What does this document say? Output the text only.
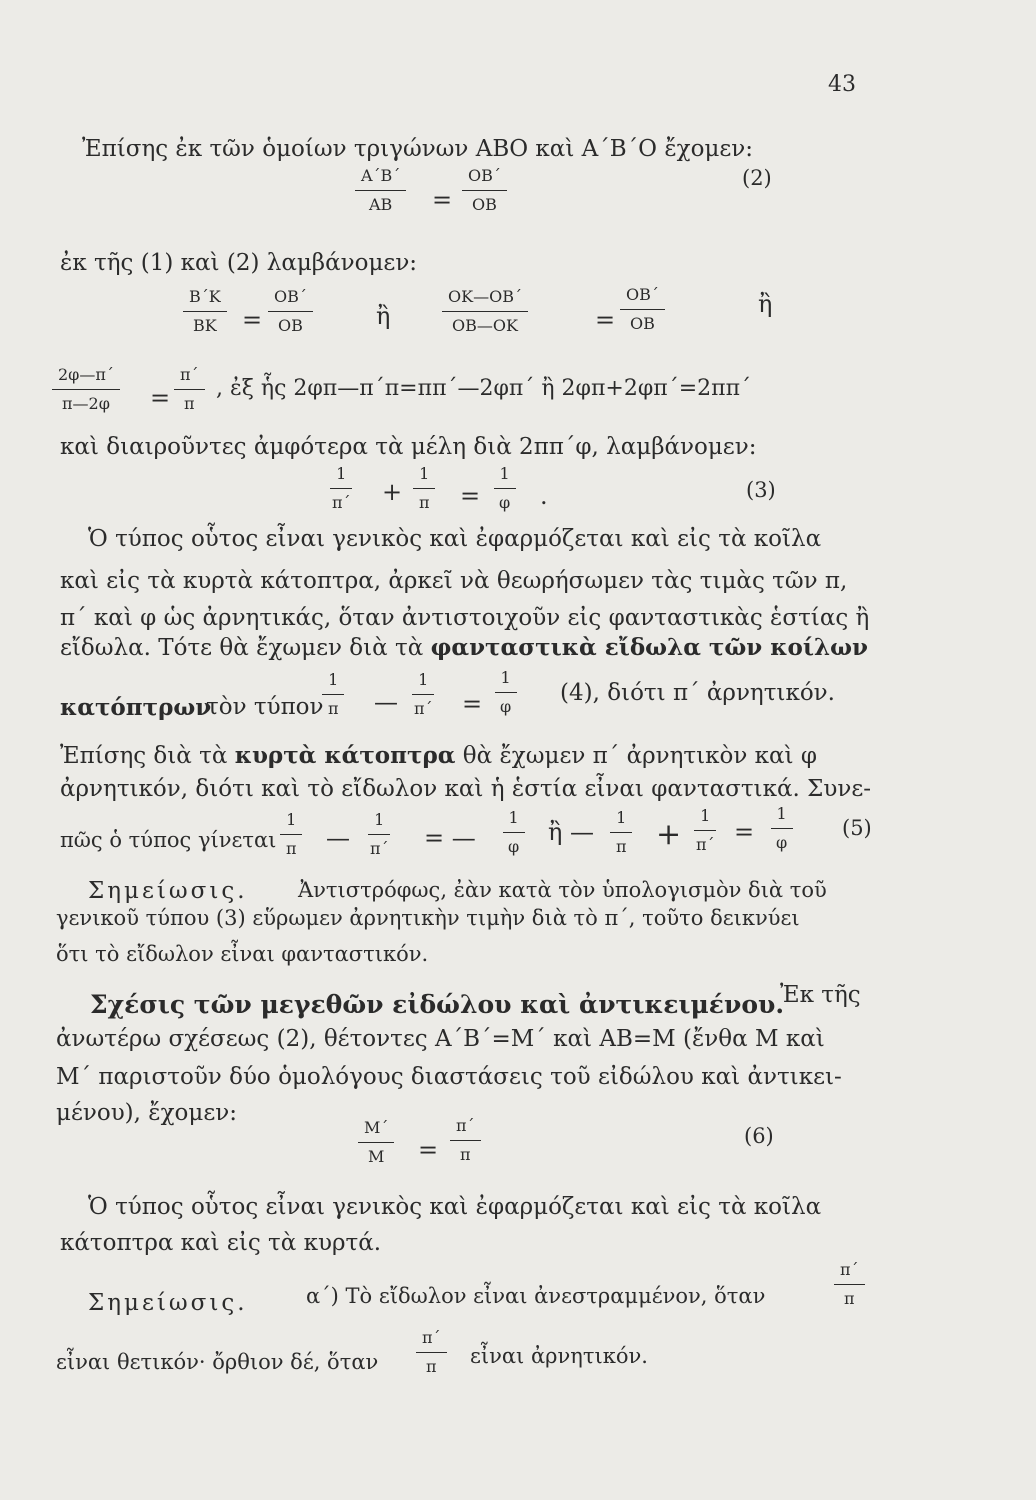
43
Ἐπίσης ἐκ τῶν ὁμοίων τριγώνων ΑΒΟ καὶ Α΄Β΄Ο ἔχομεν:
$\frac{A΄B΄}{AB} = \frac{OB΄}{OB}$	(2)
ἐκ τῆς (1) καὶ (2) λαμβάνομεν:
$\frac{B΄K}{BK} = \frac{OB΄}{OB}$	ἢ	$\frac{OK—OB΄}{OB—OK}$	= $\frac{OB΄}{OB}$	ἢ
$\frac{2\varphi—\pi΄}{\pi—2\varphi} = \frac{\pi΄}{\pi}$ , ἐξ ἧς 2φπ—π΄π=ππ΄—2φπ΄ ἢ 2φπ+2φπ΄=2ππ΄
καὶ διαιροῦντες ἀμφότερα τὰ μέλη διὰ 2ππ΄φ, λαμβάνομεν:
$\frac{1}{\pi΄} + \frac{1}{\pi} = \frac{1}{\varphi}$ .	(3)
Ὁ τύπος οὗτος εἶναι γενικὸς καὶ ἐφαρμόζεται καὶ εἰς τὰ κοῖλα
καὶ εἰς τὰ κυρτὰ κάτοπτρα, ἀρκεῖ νὰ θεωρήσωμεν τὰς τιμὰς τῶν π,
π΄ καὶ φ ὡς ἀρνητικάς, ὅταν ἀντιστοιχοῦν εἰς φανταστικὰς ἑστίας ἢ
εἴδωλα. Τότε θὰ ἔχωμεν διὰ τὰ φανταστικὰ εἴδωλα τῶν κοίλων
κατόπτρων
τὸν τύπον
$\frac{1}{\pi}$ — $\frac{1}{\pi΄} = \frac{1}{\varphi} (4)$, διότι π΄ ἀρνητικόν.
Ἐπίσης διὰ τὰ κυρτὰ κάτοπτρα θὰ ἔχωμεν π΄ ἀρνητικὸν καὶ φ
ἀρνητικόν, διότι καὶ τὸ εἴδωλον καὶ ἡ ἑστία εἶναι φανταστικά. Συνε-
πῶς ὁ τύπος γίνεται $\frac{1}{\pi}$ — $\frac{1}{\pi΄}$ = — $\frac{1}{\varphi}$ ἢ — $\frac{1}{\pi} + \frac{1}{\pi΄} = \frac{1}{\varphi} (5)$
Σημείωσις. Ἀντιστρόφως, ἐὰν κατὰ τὸν ὑπολογισμὸν διὰ τοῦ
γενικοῦ τύπου (3) εὕρωμεν ἀρνητικὴν τιμὴν διὰ τὸ π΄, τοῦτο δεικνύει
ὅτι τὸ εἴδωλον εἶναι φανταστικόν.
Σχέσις τῶν μεγεθῶν εἰδώλου καὶ ἀντικειμένου.
Ἐκ τῆς
ἀνωτέρω σχέσεως (2), θέτοντες Α΄Β΄=Μ΄ καὶ ΑΒ=Μ (ἔνθα Μ καὶ
Μ΄ παριστοῦν δύο ὁμολόγους διαστάσεις τοῦ εἰδώλου καὶ ἀντικει-
μένου), ἔχομεν:
$\frac{M΄}{M} = \frac{\pi΄}{\pi}$	(6)
Ὁ τύπος οὗτος εἶναι γενικὸς καὶ ἐφαρμόζεται καὶ εἰς τὰ κοῖλα
κάτοπτρα καὶ εἰς τὰ κυρτά.
Σημείωσις.	α΄) Τὸ εἴδωλον εἶναι ἀνεστραμμένον, ὅταν	$\frac{\pi΄}{\pi}$
εἶναι θετικόν· ὄρθιον δέ, ὅταν $\frac{\pi΄}{\pi}$ εἶναι ἀρνητικόν.
